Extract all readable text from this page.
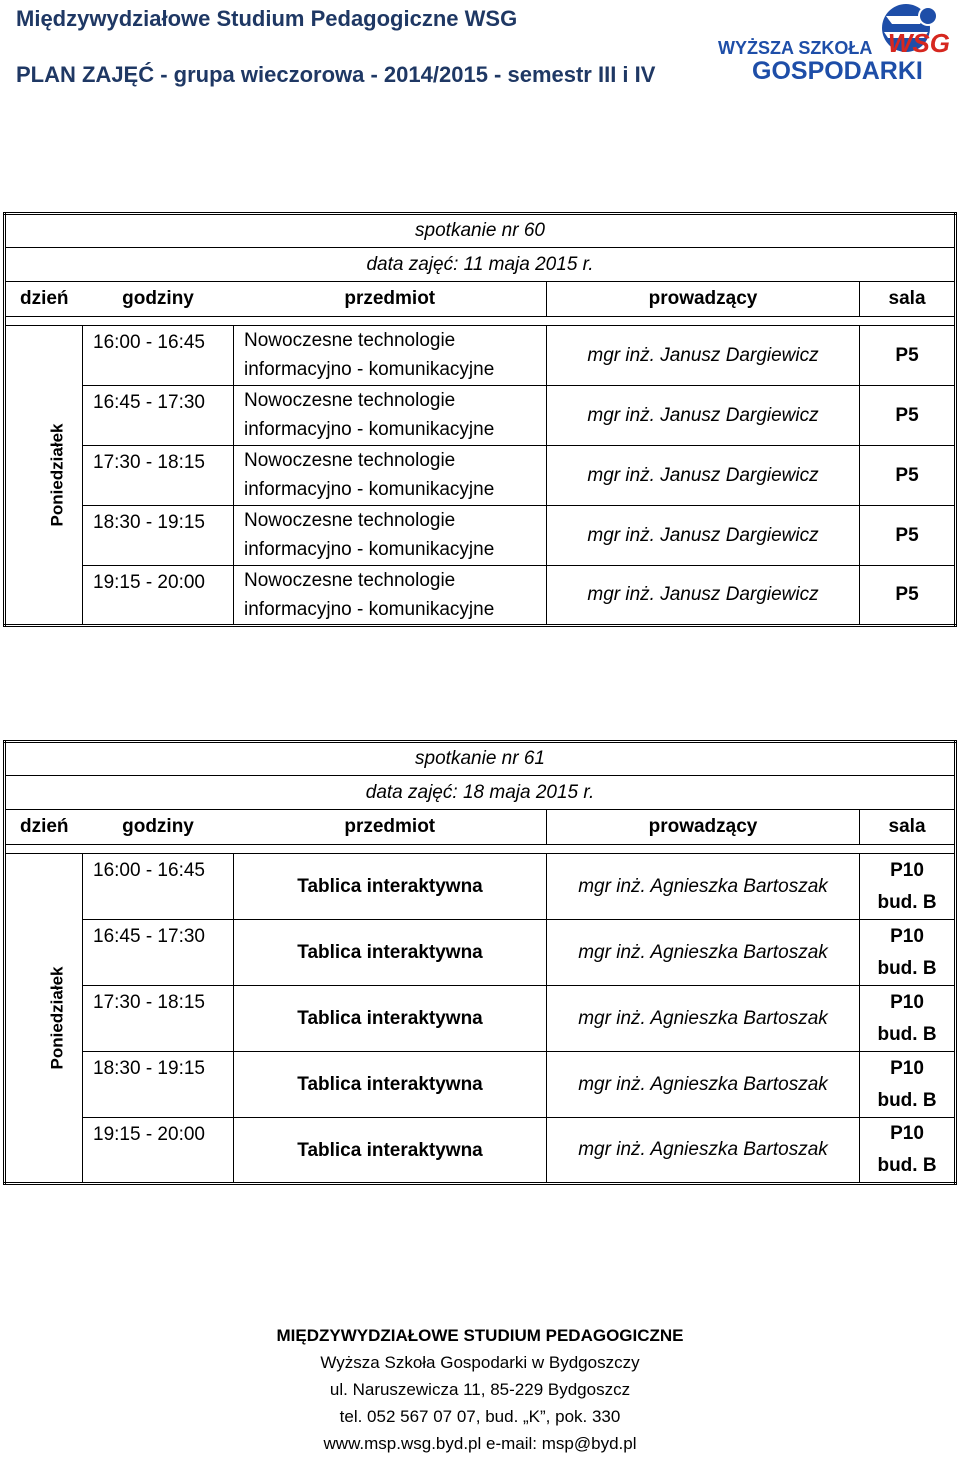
Międzywydziałowe Studium Pedagogiczne WSG
PLAN ZAJĘĆ - grupa wieczorowa - 2014/2015 - semestr III i IV
WSG
WYŻSZA SZKOŁA
GOSPODARKI
spotkanie nr 60				
data zajęć: 11 maja 2015 r.				
dzień	godziny	przedmiot	prowadzący	sala

Poniedziałek	16:00 - 16:45	Nowoczesne technologie
informacyjno - komunikacyjne	mgr inż. Janusz Dargiewicz	P5

	16:45 - 17:30	Nowoczesne technologie
informacyjno - komunikacyjne	mgr inż. Janusz Dargiewicz	P5

	17:30 - 18:15	Nowoczesne technologie
informacyjno - komunikacyjne	mgr inż. Janusz Dargiewicz	P5

	18:30 - 19:15	Nowoczesne technologie
informacyjno - komunikacyjne	mgr inż. Janusz Dargiewicz	P5

	19:15 - 20:00	Nowoczesne technologie
informacyjno - komunikacyjne	mgr inż. Janusz Dargiewicz	P5
spotkanie nr 61				
data zajęć: 18 maja 2015 r.				
dzień	godziny	przedmiot	prowadzący	sala

Poniedziałek	16:00 - 16:45	Tablica interaktywna	mgr inż. Agnieszka Bartoszak	P10
bud. B

	16:45 - 17:30	Tablica interaktywna	mgr inż. Agnieszka Bartoszak	P10
bud. B

	17:30 - 18:15	Tablica interaktywna	mgr inż. Agnieszka Bartoszak	P10
bud. B

	18:30 - 19:15	Tablica interaktywna	mgr inż. Agnieszka Bartoszak	P10
bud. B

	19:15 - 20:00	Tablica interaktywna	mgr inż. Agnieszka Bartoszak	P10
bud. B
MIĘDZYWYDZIAŁOWE STUDIUM PEDAGOGICZNE
Wyższa Szkoła Gospodarki w Bydgoszczy
ul. Naruszewicza 11, 85-229 Bydgoszcz
tel. 052 567 07 07, bud. „K”, pok. 330
www.msp.wsg.byd.pl e-mail: msp@byd.pl
